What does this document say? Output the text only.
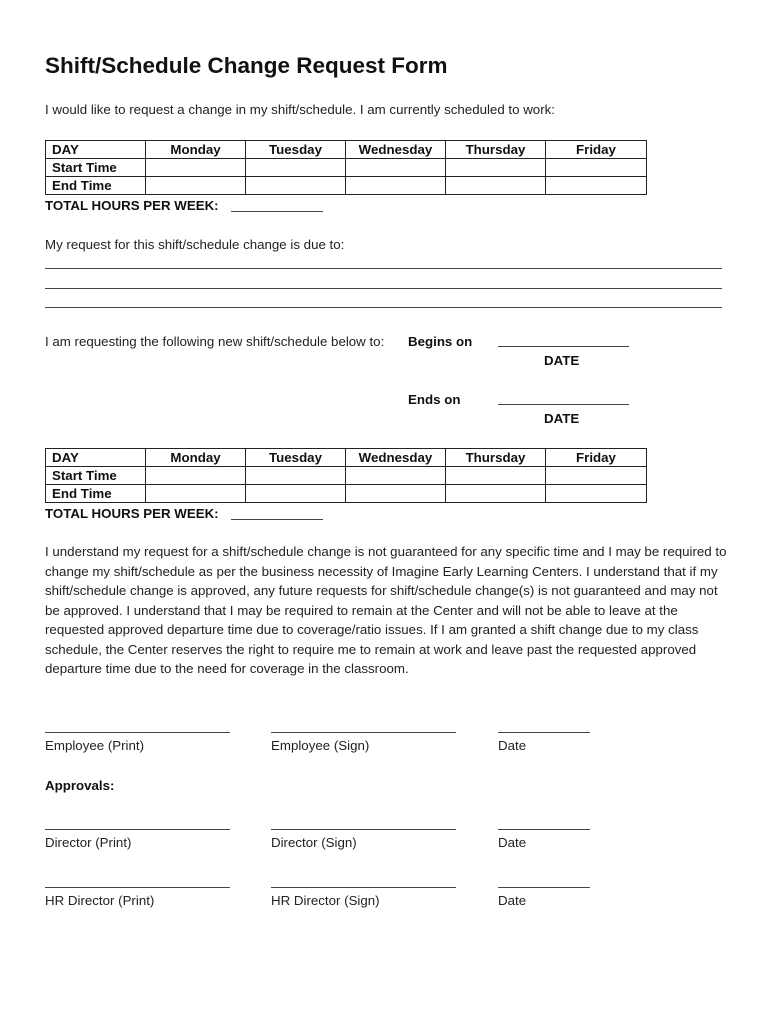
Shift/Schedule Change Request Form
I would like to request a change in my shift/schedule. I am currently scheduled to work:
DAY	Monday	Tuesday	Wednesday	Thursday	Friday
Start Time					
End Time					
TOTAL HOURS PER WEEK:
My request for this shift/schedule change is due to:
I am requesting the following new shift/schedule below to: Begins on
DATE
Ends on
DATE
DAY	Monday	Tuesday	Wednesday	Thursday	Friday
Start Time					
End Time					
TOTAL HOURS PER WEEK:

I understand my request for a shift/schedule change is not guaranteed for any specific time and I may be required to change my shift/schedule as per the business necessity of Imagine Early Learning Centers. I understand that if my shift/schedule change is approved, any future requests for shift/schedule change(s) is not guaranteed and may not be approved. I understand that I may be required to remain at the Center and will not be able to leave at the requested approved departure time due to coverage/ratio issues. If I am granted a shift change due to my class schedule, the Center reserves the right to require me to remain at work and leave past the requested approved departure time due to the need for coverage in the classroom.

Employee (Print)	Employee (Sign)	Date
Approvals:
Director (Print)	Director (Sign)	Date
HR Director (Print)	HR Director (Sign)	Date
